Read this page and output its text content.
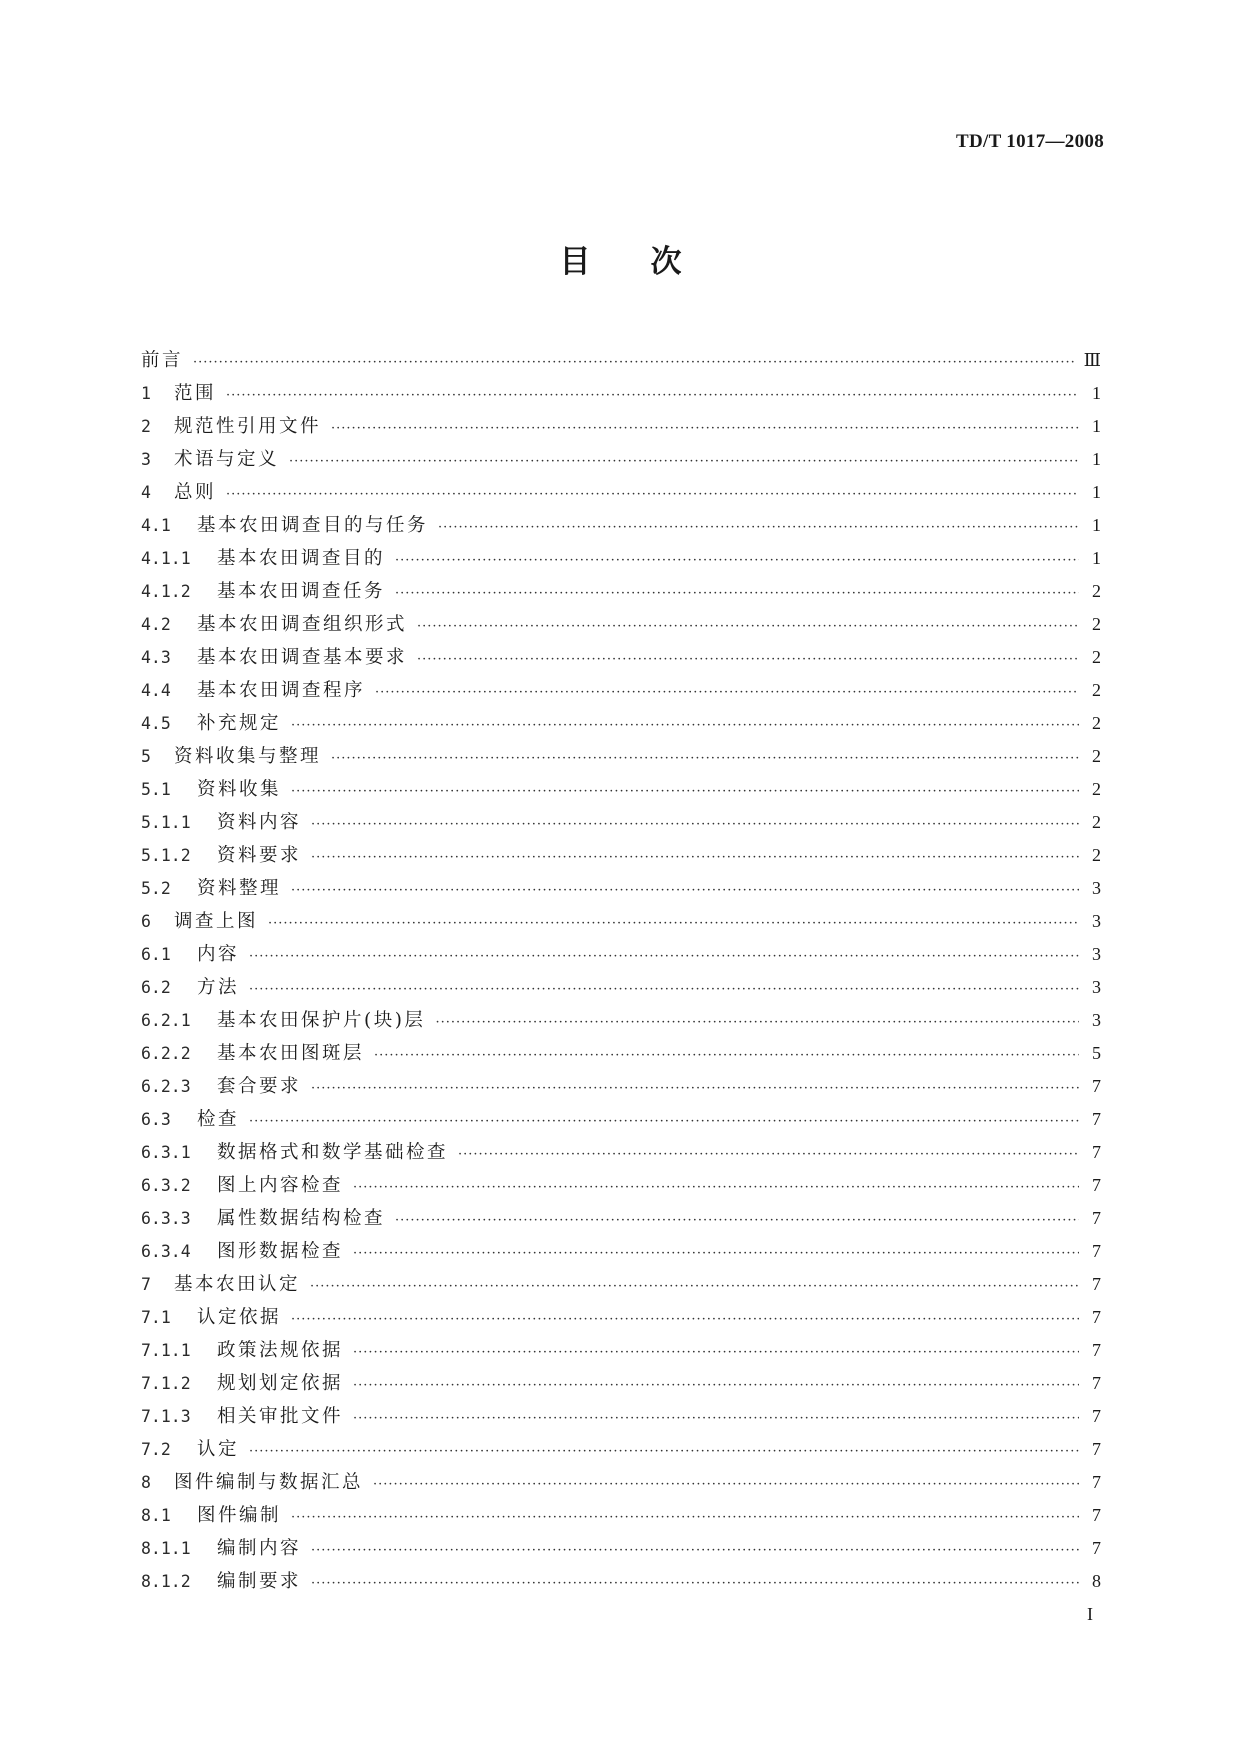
TD/T 1017—2008
目次
前言 ·····	Ⅲ
1	范围 ·····	1
2	规范性引用文件 ·····	1
3	术语与定义 ·····	1
4	总则 ·····	1
4.1	基本农田调查目的与任务 ·····	1
4.1.1	基本农田调查目的 ·····	1
4.1.2	基本农田调查任务 ·····	2
4.2	基本农田调查组织形式 ·····	2
4.3	基本农田调查基本要求 ·····	2
4.4	基本农田调查程序 ·····	2
4.5	补充规定 ·····	2
5	资料收集与整理 ·····	2
5.1	资料收集 ·····	2
5.1.1	资料内容 ·····	2
5.1.2	资料要求 ·····	2
5.2	资料整理 ·····	3
6	调查上图 ·····	3
6.1	内容 ·····	3
6.2	方法 ·····	3
6.2.1	基本农田保护片(块)层 ·····	3
6.2.2	基本农田图斑层 ·····	5
6.2.3	套合要求 ·····	7
6.3	检查 ·····	7
6.3.1	数据格式和数学基础检查 ·····	7
6.3.2	图上内容检查 ·····	7
6.3.3	属性数据结构检查 ·····	7
6.3.4	图形数据检查 ·····	7
7	基本农田认定 ·····	7
7.1	认定依据 ·····	7
7.1.1	政策法规依据 ·····	7
7.1.2	规划划定依据 ·····	7
7.1.3	相关审批文件 ·····	7
7.2	认定 ·····	7
8	图件编制与数据汇总 ·····	7
8.1	图件编制 ·····	7
8.1.1	编制内容 ·····	7
8.1.2	编制要求 ·····	8
I
